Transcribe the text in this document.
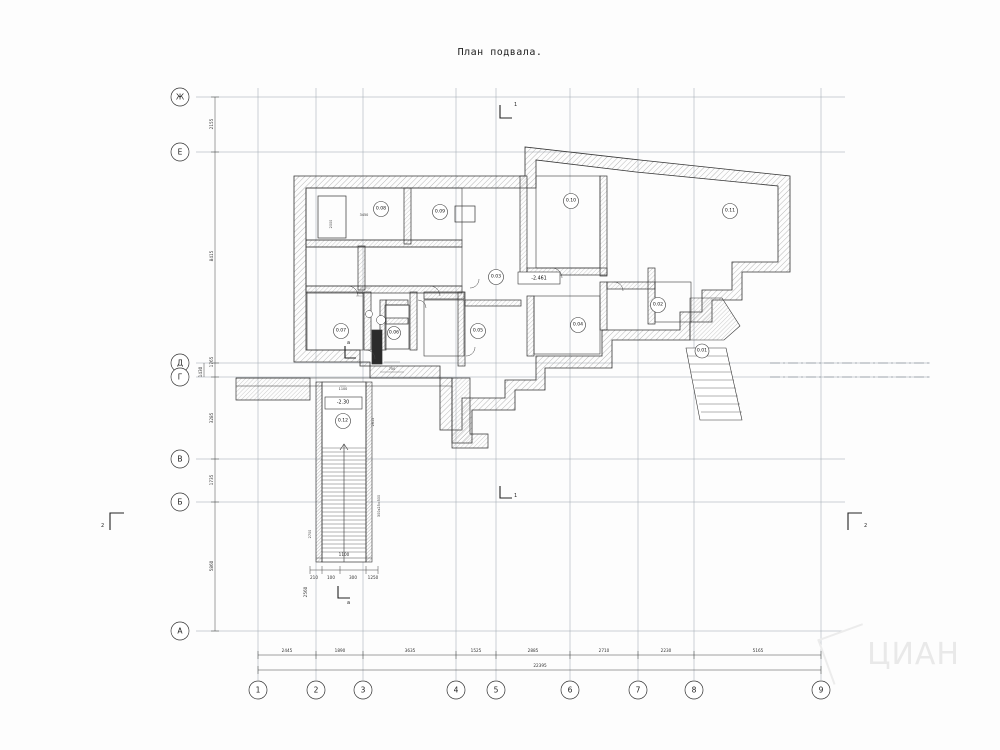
План подвала.
0.08
0.09
0.10
0.11
0.03
0.02
0.01
0.04
0.05
0.06
0.07
0.12
-2.461
-2.30
3450
2000
900
750
1100
2615
300x25=500
2700
1
1
2	2
а
а
Ж
Е
Д
Г
В
Б
А
1	2	3	4	5	6	7	8	9
2445	1890	3635	1525	2885	2710	2230	5165
22395
2155
8415
1765
3285
1735
5860
1430
210 100	300	1250
1100
2560
ЦИАН
